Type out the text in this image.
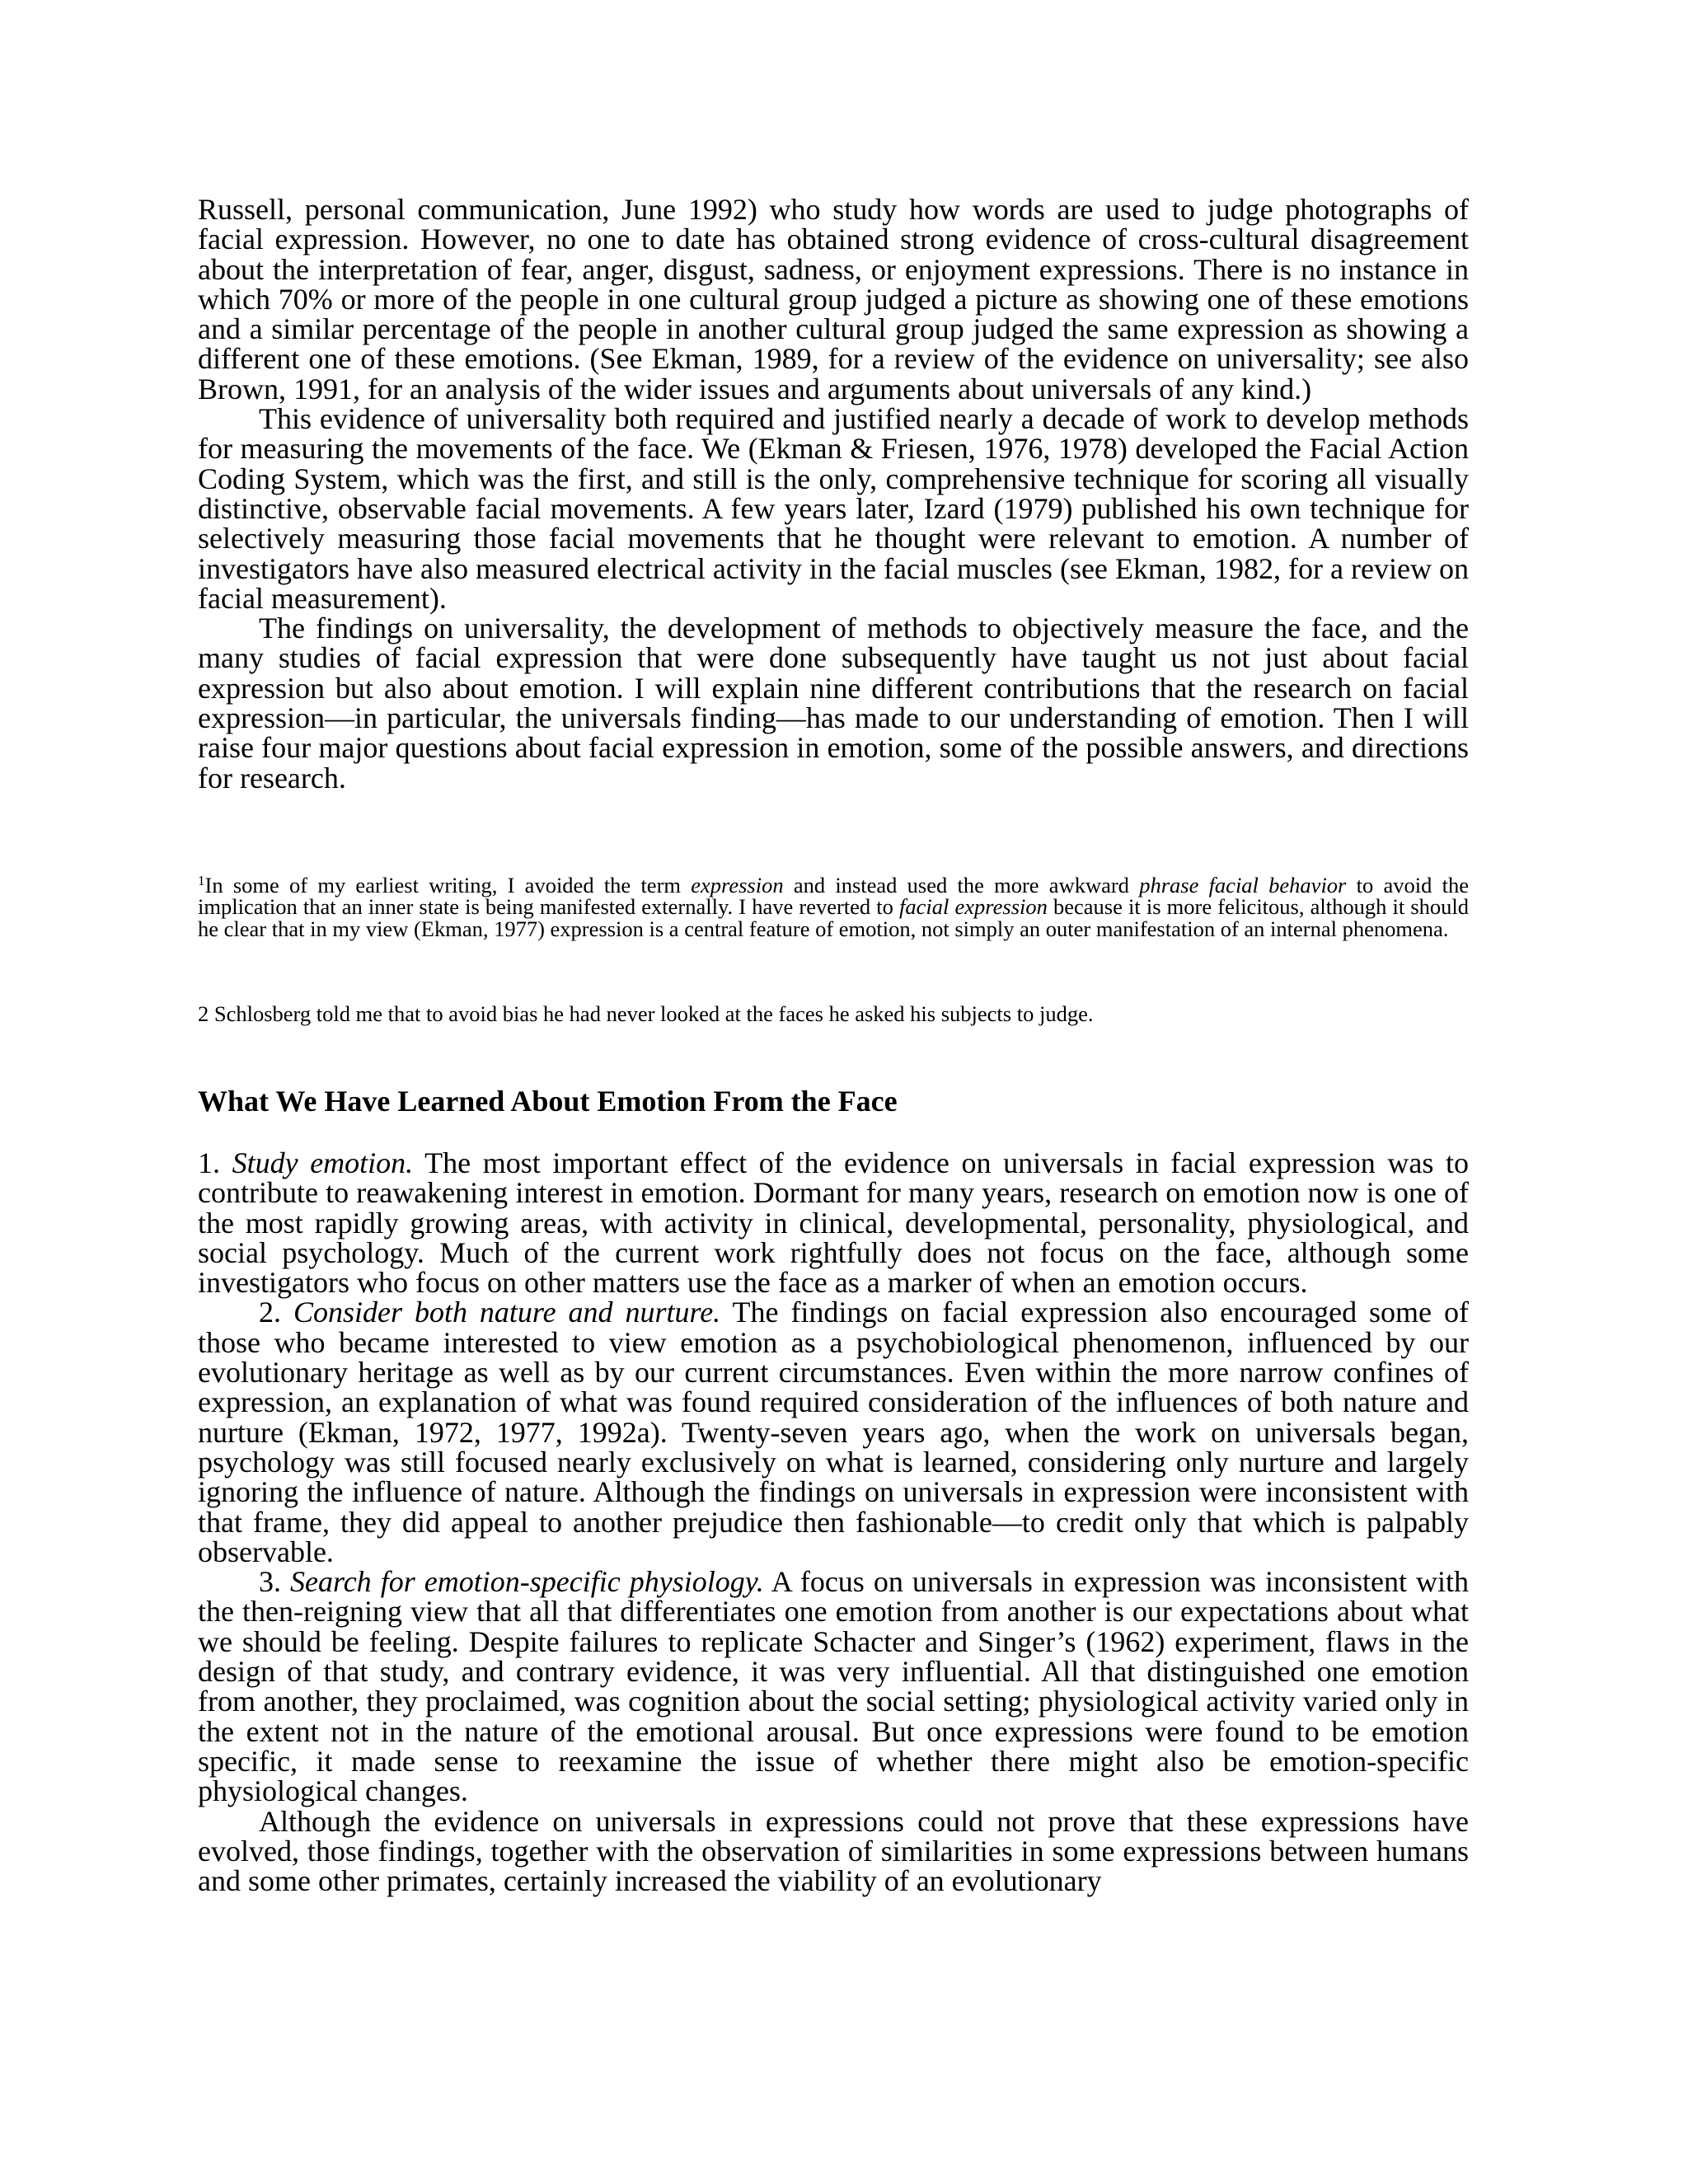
Russell, personal communication, June 1992) who study how words are used to judge photographs of facial expression. However, no one to date has obtained strong evidence of cross-cultural disagreement about the interpretation of fear, anger, disgust, sadness, or enjoyment expressions. There is no instance in which 70% or more of the people in one cultural group judged a picture as showing one of these emotions and a similar percentage of the people in another cultural group judged the same expression as showing a different one of these emotions. (See Ekman, 1989, for a review of the evidence on universality; see also Brown, 1991, for an analysis of the wider issues and arguments about universals of any kind.)

This evidence of universality both required and justified nearly a decade of work to develop methods for measuring the movements of the face. We (Ekman & Friesen, 1976, 1978) developed the Facial Action Coding System, which was the first, and still is the only, comprehensive technique for scoring all visually distinctive, observable facial movements. A few years later, Izard (1979) published his own technique for selectively measuring those facial movements that he thought were relevant to emotion. A number of investigators have also measured electrical activity in the facial muscles (see Ekman, 1982, for a review on facial measurement).

The findings on universality, the development of methods to objectively measure the face, and the many studies of facial expression that were done subsequently have taught us not just about facial expression but also about emotion. I will explain nine different contributions that the research on facial expression—in particular, the universals finding—has made to our understanding of emotion. Then I will raise four major questions about facial expression in emotion, some of the possible answers, and directions for research.

$^1$In some of my earliest writing, I avoided the term expression and instead used the more awkward phrase facial behavior to avoid the implication that an inner state is being manifested externally. I have reverted to facial expression because it is more felicitous, although it should he clear that in my view (Ekman, 1977) expression is a central feature of emotion, not simply an outer manifestation of an internal phenomena.

2 Schlosberg told me that to avoid bias he had never looked at the faces he asked his subjects to judge.

What We Have Learned About Emotion From the Face

1. Study emotion. The most important effect of the evidence on universals in facial expression was to contribute to reawakening interest in emotion. Dormant for many years, research on emotion now is one of the most rapidly growing areas, with activity in clinical, developmental, personality, physiological, and social psychology. Much of the current work rightfully does not focus on the face, although some investigators who focus on other matters use the face as a marker of when an emotion occurs.

2. Consider both nature and nurture. The findings on facial expression also encouraged some of those who became interested to view emotion as a psychobiological phenomenon, influenced by our evolutionary heritage as well as by our current circumstances. Even within the more narrow confines of expression, an explanation of what was found required consideration of the influences of both nature and nurture (Ekman, 1972, 1977, 1992a). Twenty-seven years ago, when the work on universals began, psychology was still focused nearly exclusively on what is learned, considering only nurture and largely ignoring the influence of nature. Although the findings on universals in expression were inconsistent with that frame, they did appeal to another prejudice then fashionable—to credit only that which is palpably observable.

3. Search for emotion-specific physiology. A focus on universals in expression was inconsistent with the then-reigning view that all that differentiates one emotion from another is our expectations about what we should be feeling. Despite failures to replicate Schacter and Singer’s (1962) experiment, flaws in the design of that study, and contrary evidence, it was very influential. All that distinguished one emotion from another, they proclaimed, was cognition about the social setting; physiological activity varied only in the extent not in the nature of the emotional arousal. But once expressions were found to be emotion specific, it made sense to reexamine the issue of whether there might also be emotion-specific physiological changes.

Although the evidence on universals in expressions could not prove that these expressions have evolved, those findings, together with the observation of similarities in some expressions between humans and some other primates, certainly increased the viability of an evolutionary
